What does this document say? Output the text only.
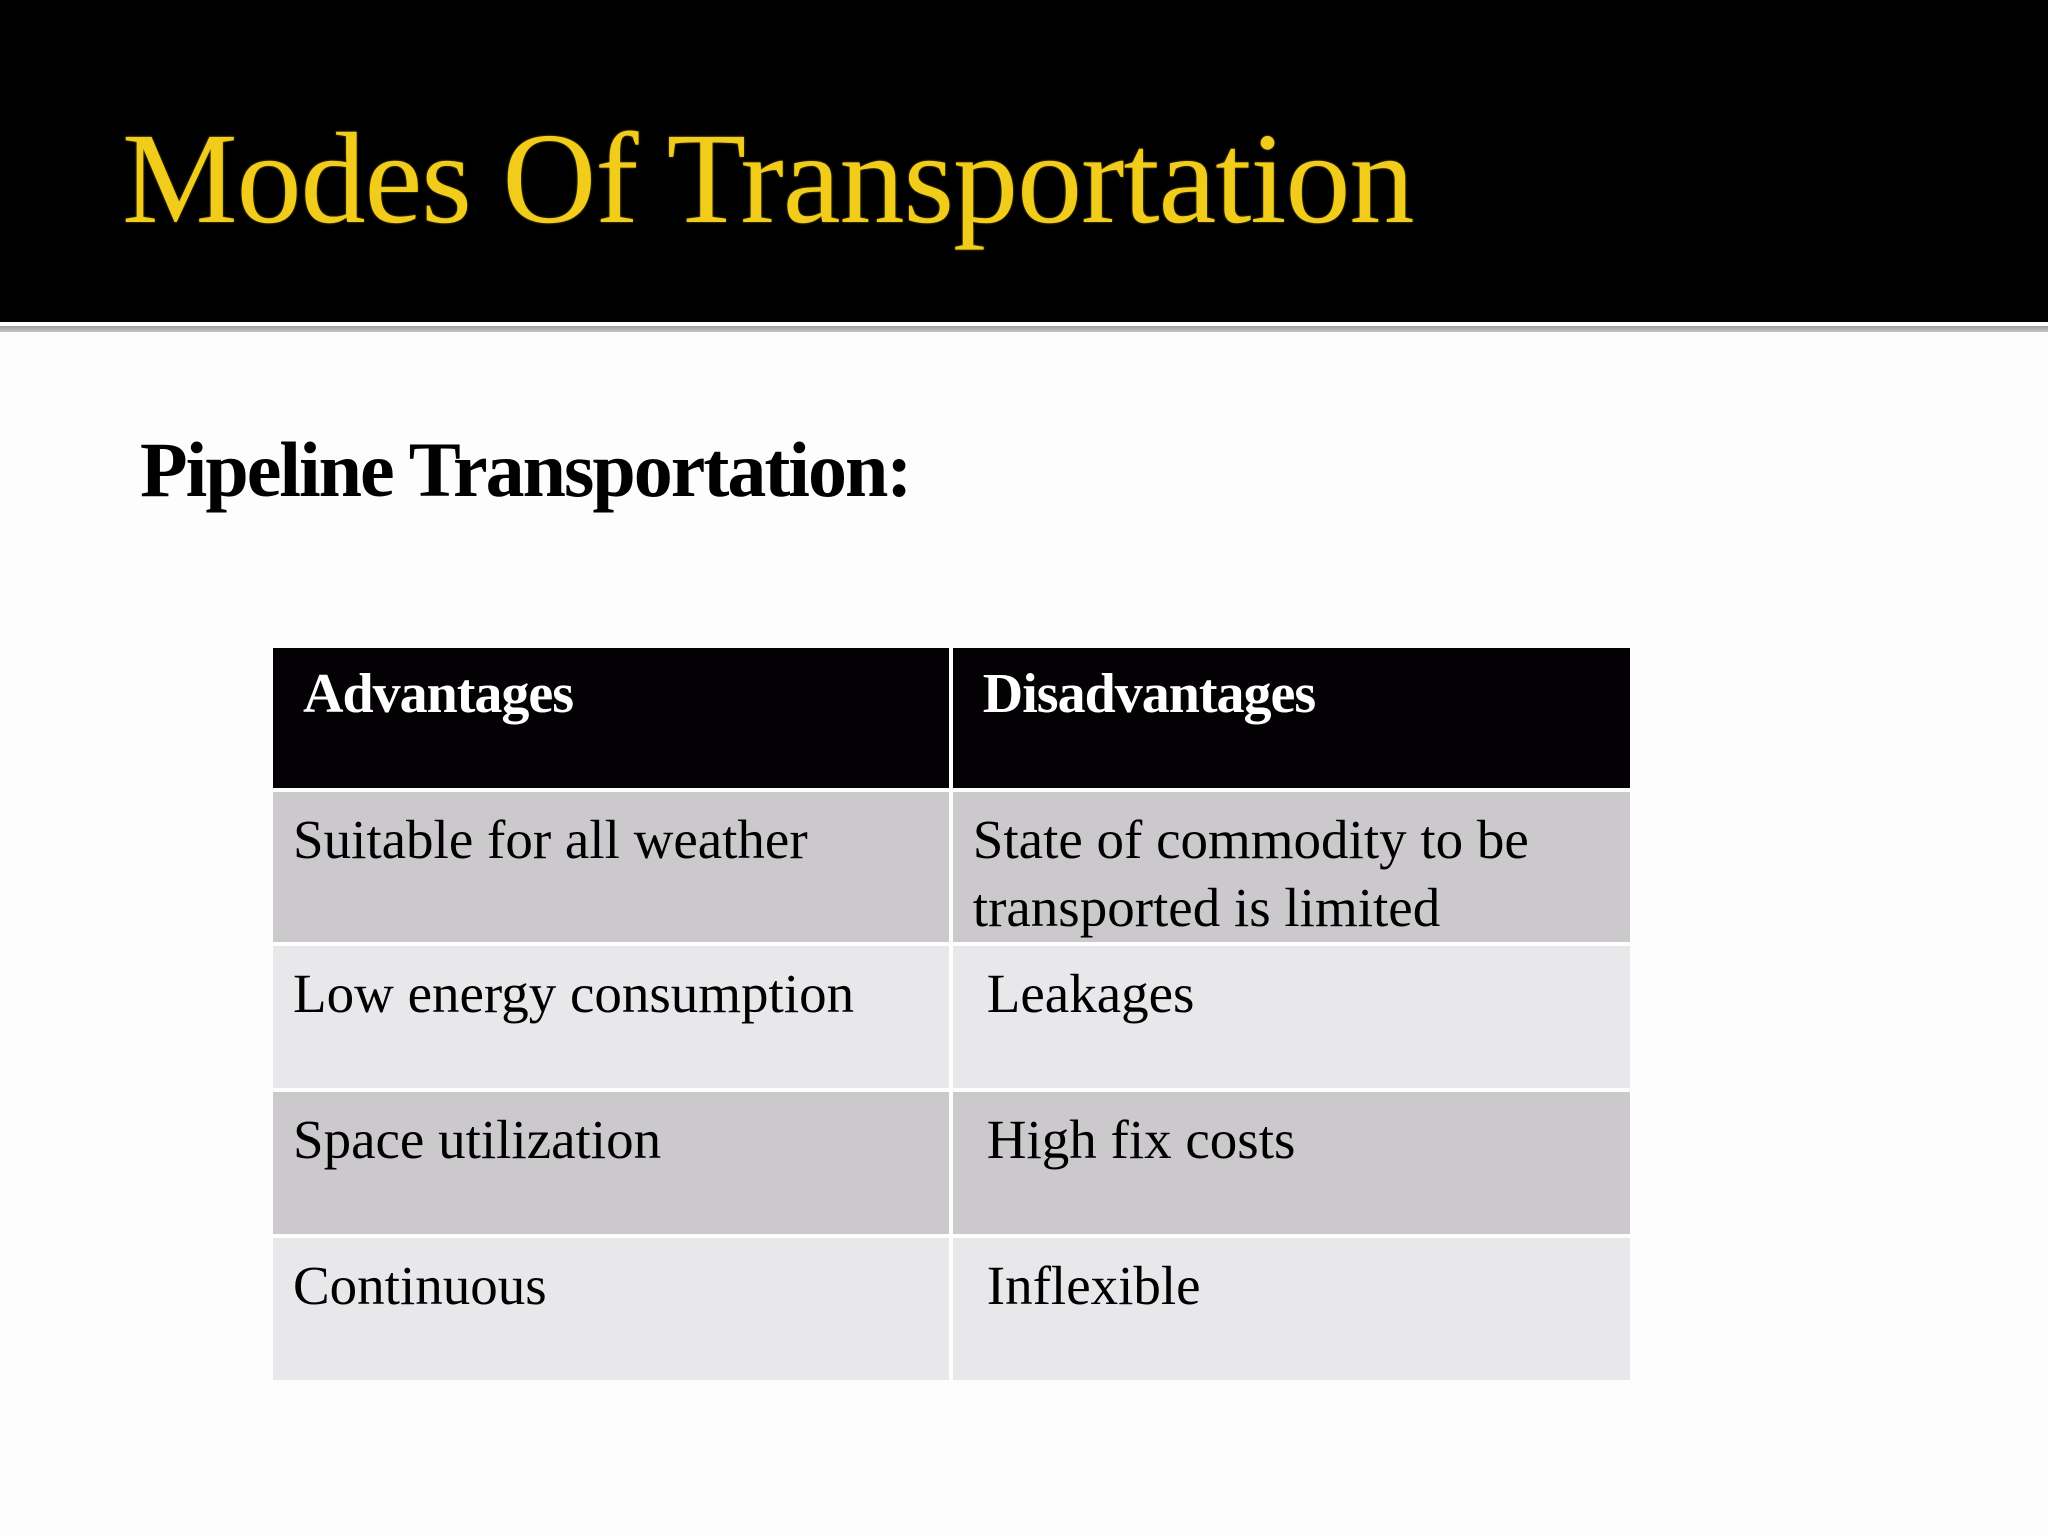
Modes Of Transportation
Pipeline Transportation:
Advantages	Disadvantages
Suitable for all weather	State of commodity to be transported is limited
Low energy consumption	Leakages
Space utilization	High fix costs
Continuous	Inflexible
